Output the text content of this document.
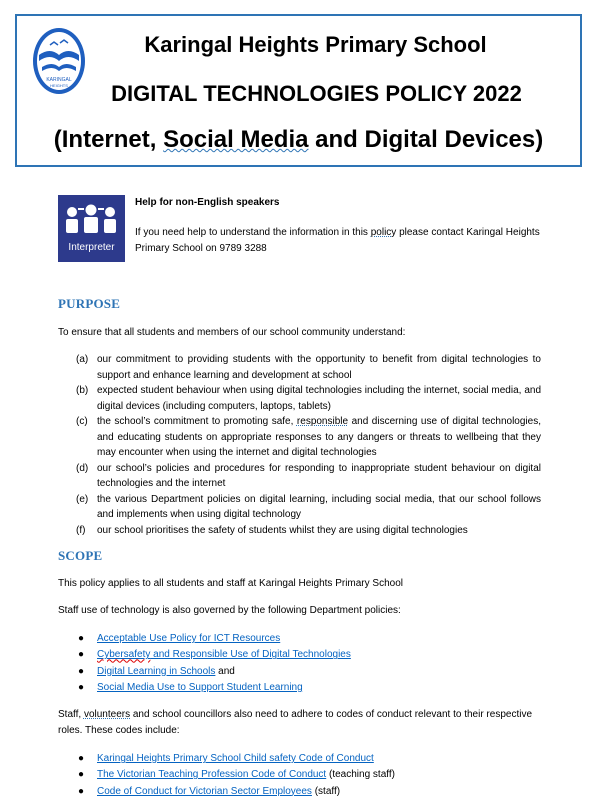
KARINGAL
HEIGHTS
Karingal Heights Primary School
DIGITAL TECHNOLOGIES POLICY 2022
(Internet, Social Media and Digital Devices)
Interpreter
Help for non-English speakers
If you need help to understand the information in this policy please contact Karingal Heights Primary School on 9789 3288
PURPOSE
To ensure that all students and members of our school community understand:
(a) our commitment to providing students with the opportunity to benefit from digital technologies to support and enhance learning and development at school
(b) expected student behaviour when using digital technologies including the internet, social media, and digital devices (including computers, laptops, tablets)
(c) the school’s commitment to promoting safe, responsible and discerning use of digital technologies, and educating students on appropriate responses to any dangers or threats to wellbeing that they may encounter when using the internet and digital technologies
(d) our school’s policies and procedures for responding to inappropriate student behaviour on digital technologies and the internet
(e) the various Department policies on digital learning, including social media, that our school follows and implements when using digital technology
(f) our school prioritises the safety of students whilst they are using digital technologies
SCOPE
This policy applies to all students and staff at Karingal Heights Primary School
Staff use of technology is also governed by the following Department policies:
● Acceptable Use Policy for ICT Resources
● Cybersafety and Responsible Use of Digital Technologies
● Digital Learning in Schools and
● Social Media Use to Support Student Learning
Staff, volunteers and school councillors also need to adhere to codes of conduct relevant to their respective roles. These codes include:
● Karingal Heights Primary School Child safety Code of Conduct
● The Victorian Teaching Profession Code of Conduct (teaching staff)
● Code of Conduct for Victorian Sector Employees (staff)
